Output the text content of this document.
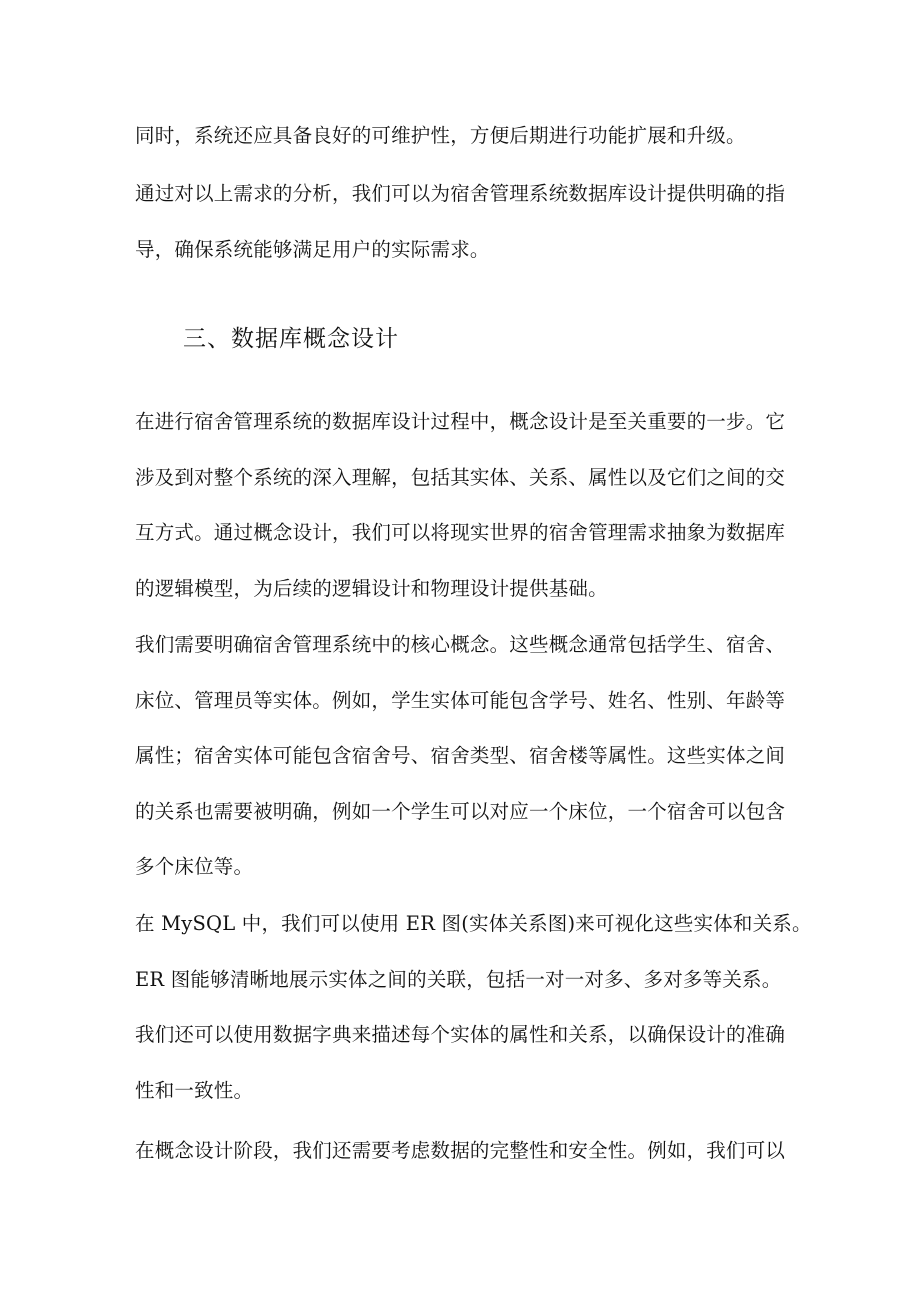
同时，系统还应具备良好的可维护性，方便后期进行功能扩展和升级。
通过对以上需求的分析，我们可以为宿舍管理系统数据库设计提供明确的指
导，确保系统能够满足用户的实际需求。
三、数据库概念设计
在进行宿舍管理系统的数据库设计过程中，概念设计是至关重要的一步。它
涉及到对整个系统的深入理解，包括其实体、关系、属性以及它们之间的交
互方式。通过概念设计，我们可以将现实世界的宿舍管理需求抽象为数据库
的逻辑模型，为后续的逻辑设计和物理设计提供基础。
我们需要明确宿舍管理系统中的核心概念。这些概念通常包括学生、宿舍、
床位、管理员等实体。例如，学生实体可能包含学号、姓名、性别、年龄等
属性；宿舍实体可能包含宿舍号、宿舍类型、宿舍楼等属性。这些实体之间
的关系也需要被明确，例如一个学生可以对应一个床位，一个宿舍可以包含
多个床位等。
在 MySQL 中，我们可以使用 ER 图(实体关系图)来可视化这些实体和关系。
ER 图能够清晰地展示实体之间的关联，包括一对一对多、多对多等关系。
我们还可以使用数据字典来描述每个实体的属性和关系，以确保设计的准确
性和一致性。
在概念设计阶段，我们还需要考虑数据的完整性和安全性。例如，我们可以
